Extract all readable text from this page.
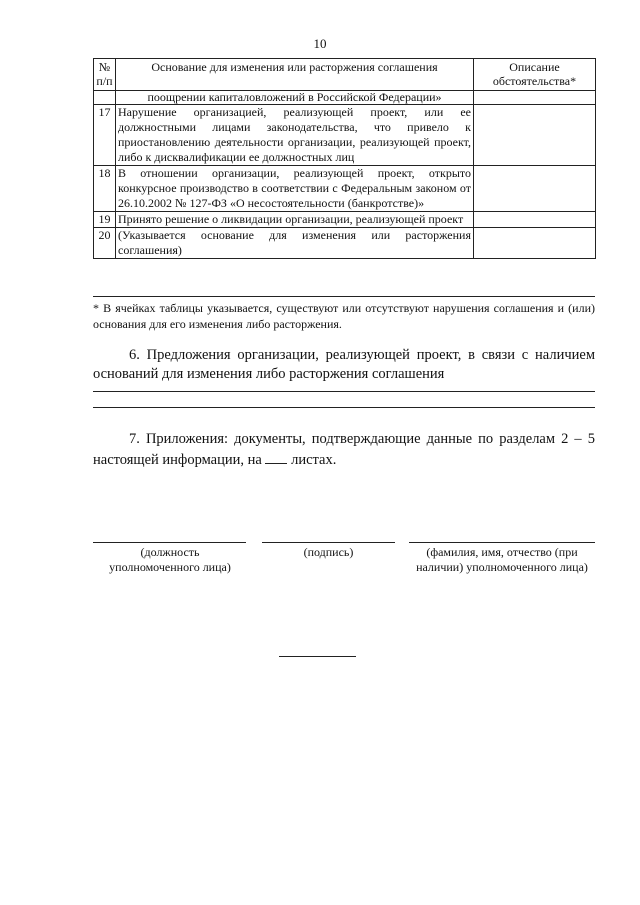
10
№ п/п	Основание для изменения или расторжения соглашения	Описание обстоятельства*
	поощрении капиталовложений в Российской Федерации»	
17	Нарушение организацией, реализующей проект, или ее должностными лицами законодательства, что привело к приостановлению деятельности организации, реализующей проект, либо к дисквалификации ее должностных лиц	
18	В отношении организации, реализующей проект, открыто конкурсное производство в соответствии с Федеральным законом от 26.10.2002 № 127-ФЗ «О несостоятельности (банкротстве)»	
19	Принято решение о ликвидации организации, реализующей проект	
20	(Указывается основание для изменения или расторжения соглашения)	
* В ячейках таблицы указывается, существуют или отсутствуют нарушения соглашения и (или) основания для его изменения либо расторжения.
6. Предложения организации, реализующей проект, в связи с наличием оснований для изменения либо расторжения соглашения
7. Приложения: документы, подтверждающие данные по разделам 2 – 5 настоящей информации, на листах.
(должность уполномоченного лица)
(подпись)	(фамилия, имя, отчество (при наличии) уполномоченного лица)
